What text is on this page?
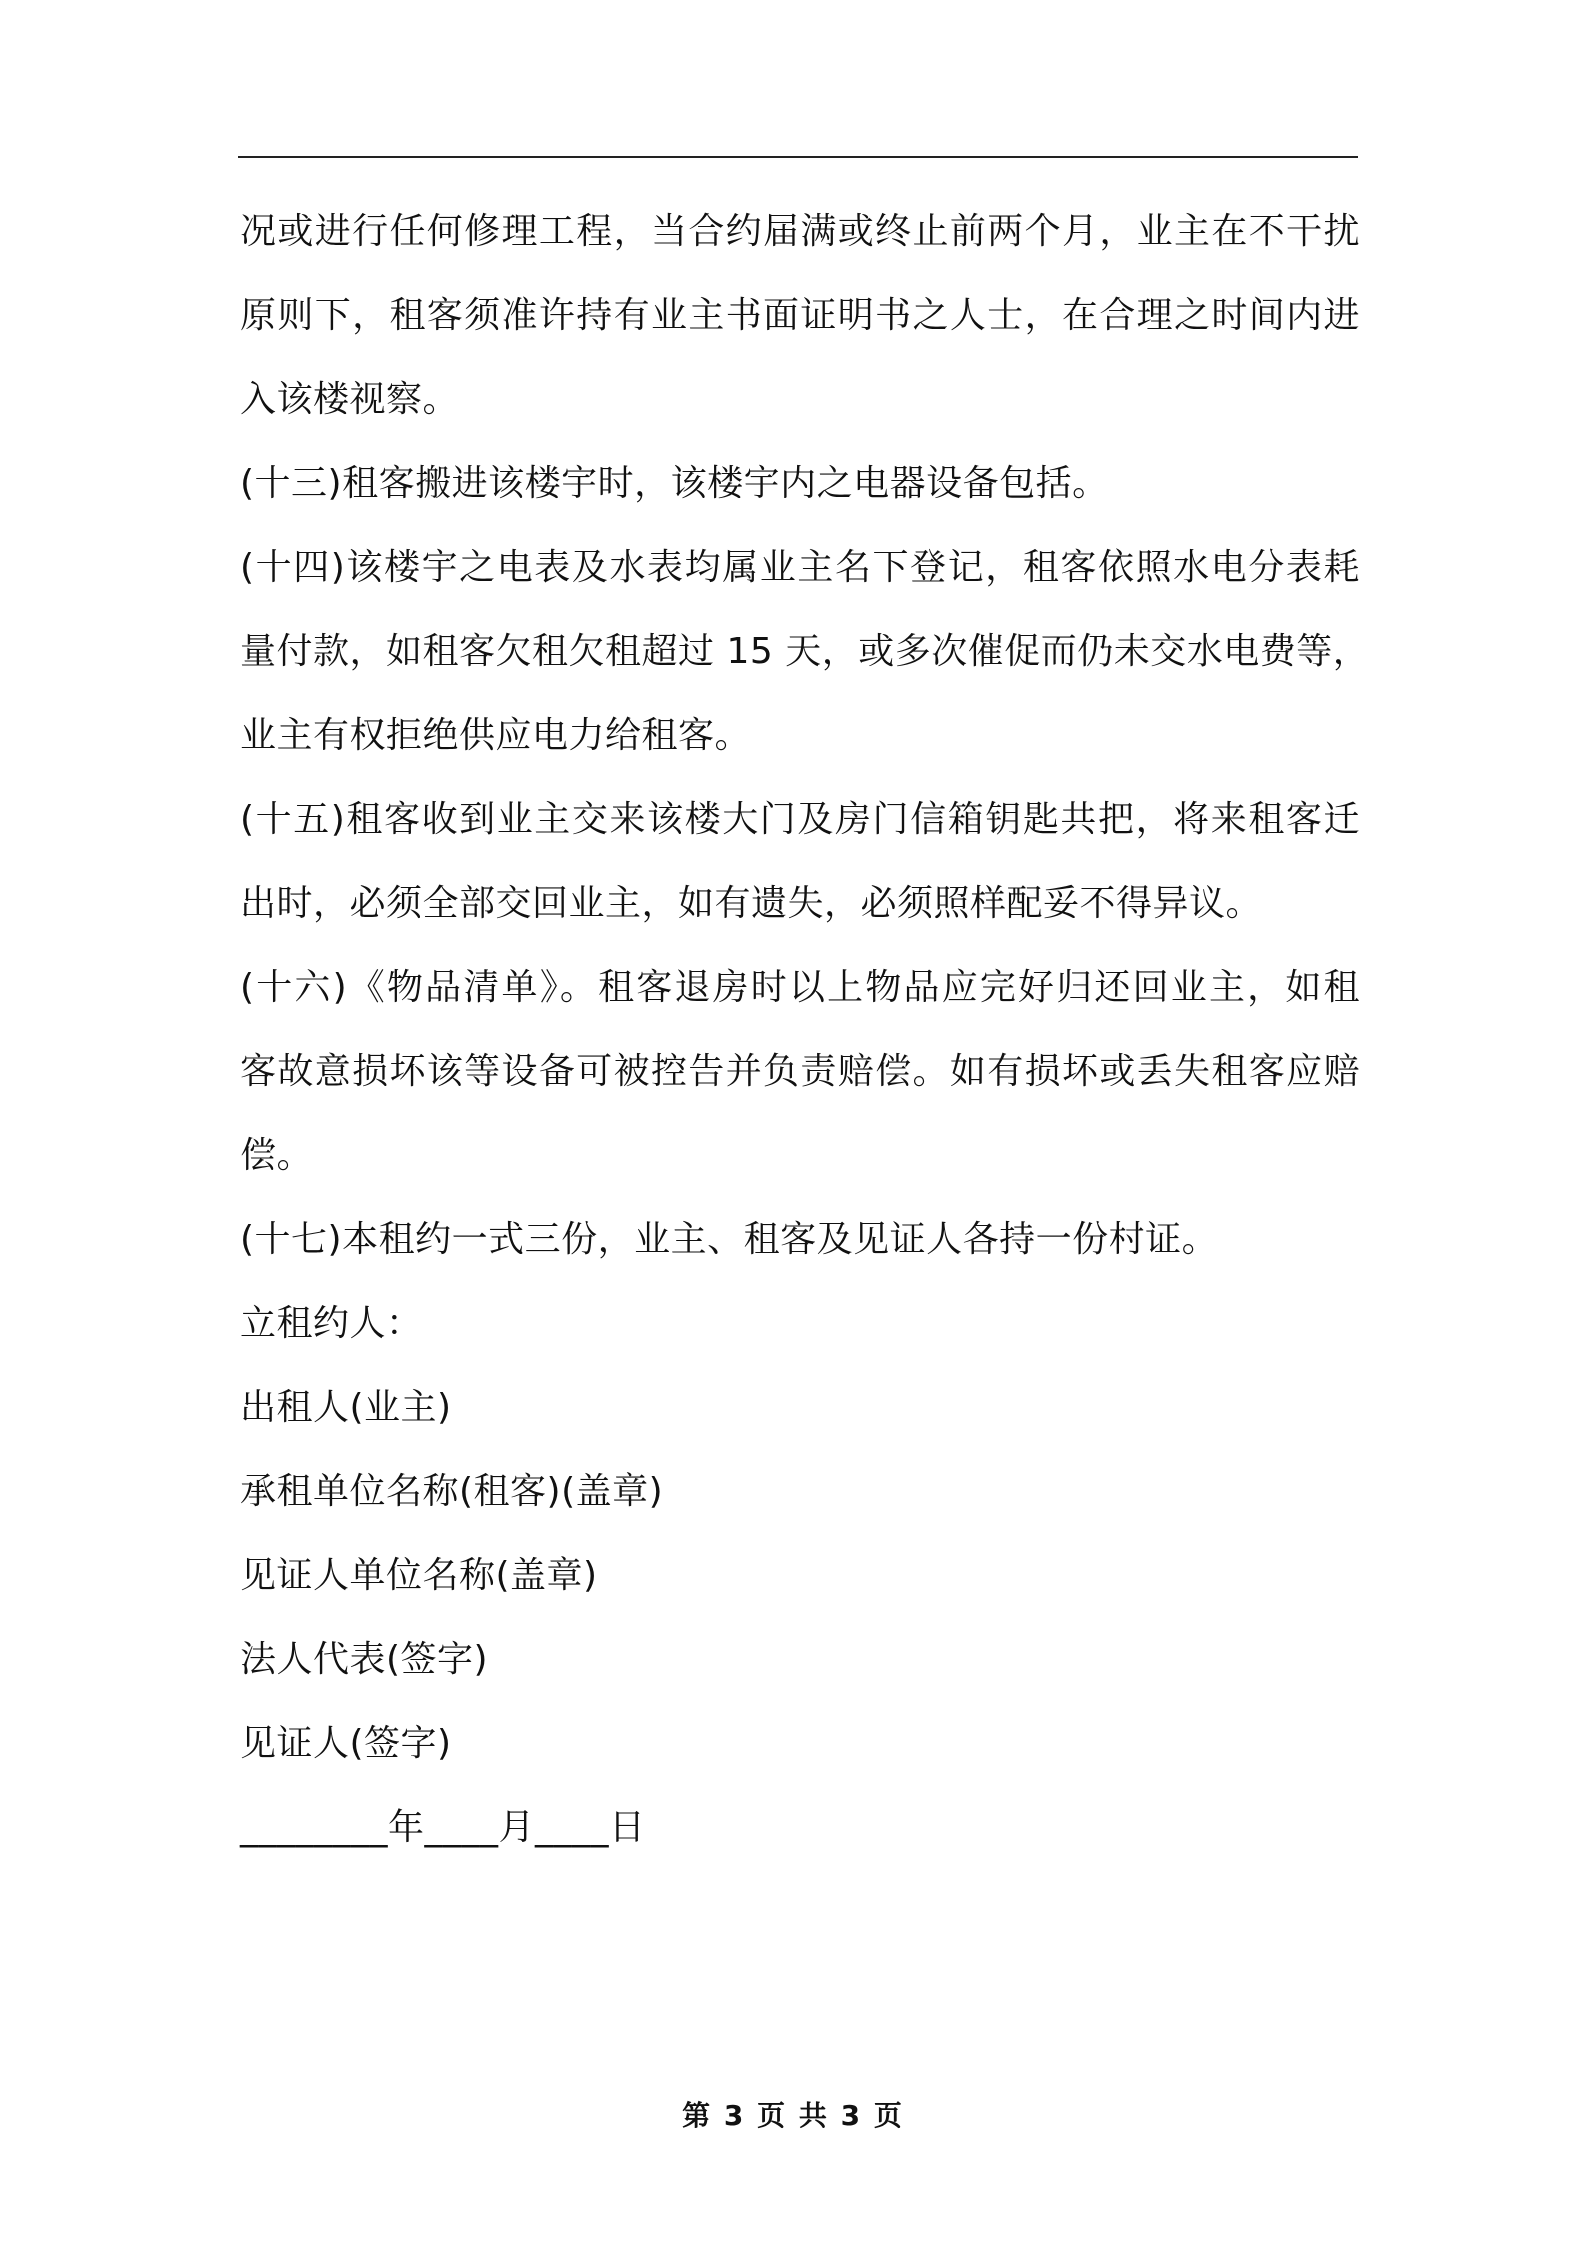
况或进行任何修理工程，当合约届满或终止前两个月，业主在不干扰
原则下，租客须准许持有业主书面证明书之人士，在合理之时间内进
入该楼视察。
(十三)租客搬进该楼宇时，该楼宇内之电器设备包括。
(十四)该楼宇之电表及水表均属业主名下登记，租客依照水电分表耗
量付款，如租客欠租欠租超过 15 天，或多次催促而仍未交水电费等，
业主有权拒绝供应电力给租客。
(十五)租客收到业主交来该楼大门及房门信箱钥匙共把，将来租客迁
出时，必须全部交回业主，如有遗失，必须照样配妥不得异议。
(十六)《物品清单》。租客退房时以上物品应完好归还回业主，如租
客故意损坏该等设备可被控告并负责赔偿。如有损坏或丢失租客应赔
偿。
(十七)本租约一式三份，业主、租客及见证人各持一份村证。
立租约人：
出租人(业主)
承租单位名称(租客)(盖章)
见证人单位名称(盖章)
法人代表(签字)
见证人(签字)
________年____月____日
第 3 页 共 3 页
